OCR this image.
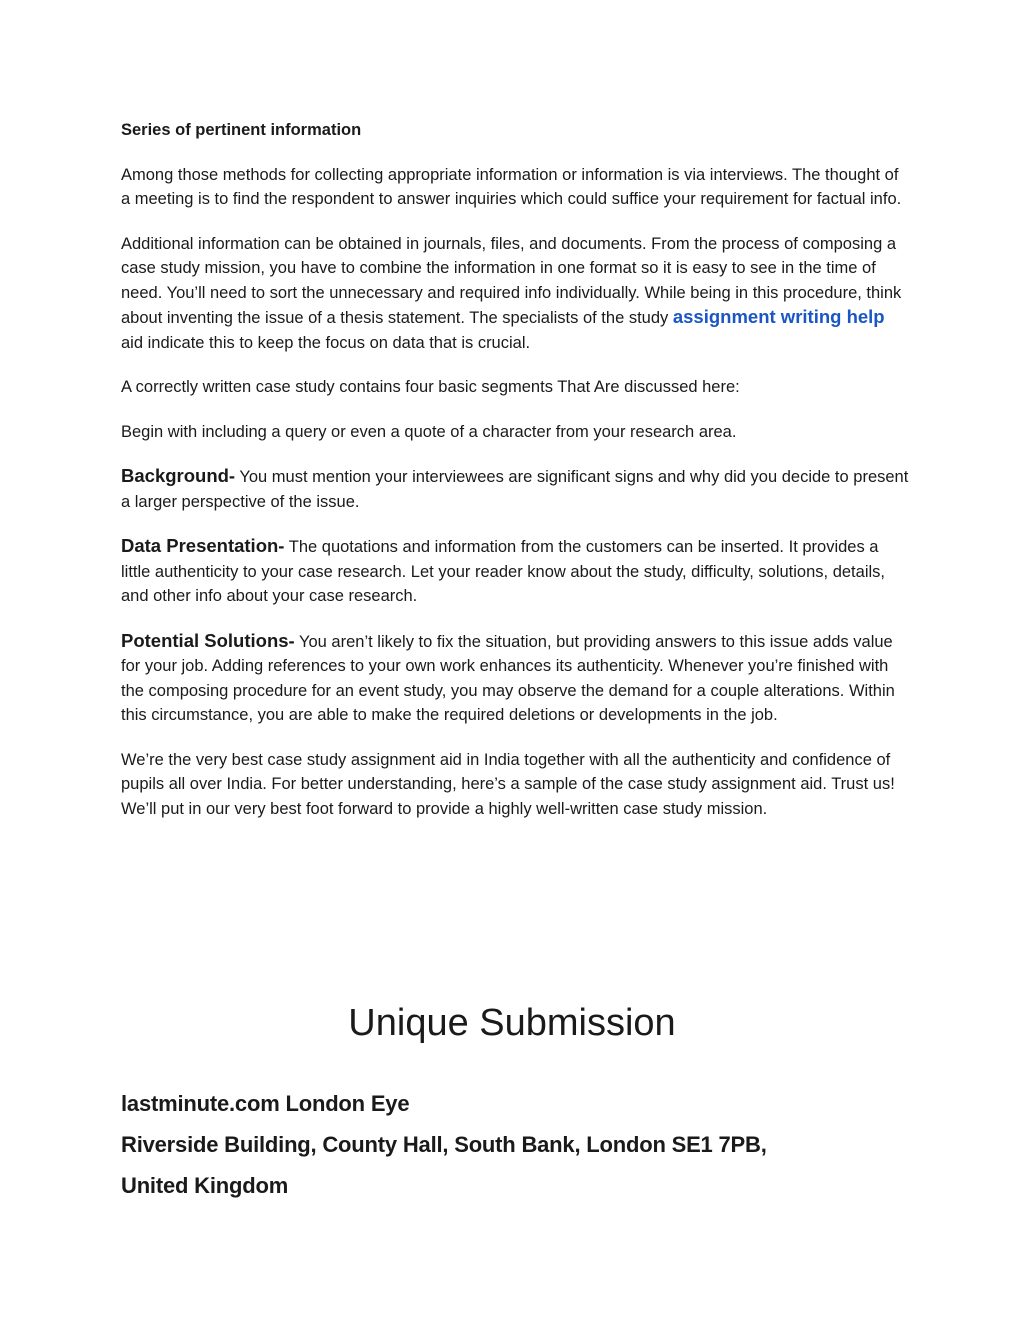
Series of pertinent information

Among those methods for collecting appropriate information or information is via interviews. The thought of a meeting is to find the respondent to answer inquiries which could suffice your requirement for factual info.

Additional information can be obtained in journals, files, and documents. From the process of composing a case study mission, you have to combine the information in one format so it is easy to see in the time of need. You’ll need to sort the unnecessary and required info individually. While being in this procedure, think about inventing the issue of a thesis statement. The specialists of the study assignment writing help aid indicate this to keep the focus on data that is crucial.

A correctly written case study contains four basic segments That Are discussed here:

Begin with including a query or even a quote of a character from your research area.

Background- You must mention your interviewees are significant signs and why did you decide to present a larger perspective of the issue.

Data Presentation- The quotations and information from the customers can be inserted. It provides a little authenticity to your case research. Let your reader know about the study, difficulty, solutions, details, and other info about your case research.

Potential Solutions- You aren’t likely to fix the situation, but providing answers to this issue adds value for your job. Adding references to your own work enhances its authenticity. Whenever you’re finished with the composing procedure for an event study, you may observe the demand for a couple alterations. Within this circumstance, you are able to make the required deletions or developments in the job.

We’re the very best case study assignment aid in India together with all the authenticity and confidence of pupils all over India. For better understanding, here’s a sample of the case study assignment aid. Trust us! We’ll put in our very best foot forward to provide a highly well-written case study mission.

Unique Submission
lastminute.com London Eye
Riverside Building, County Hall, South Bank, London SE1 7PB,
United Kingdom
